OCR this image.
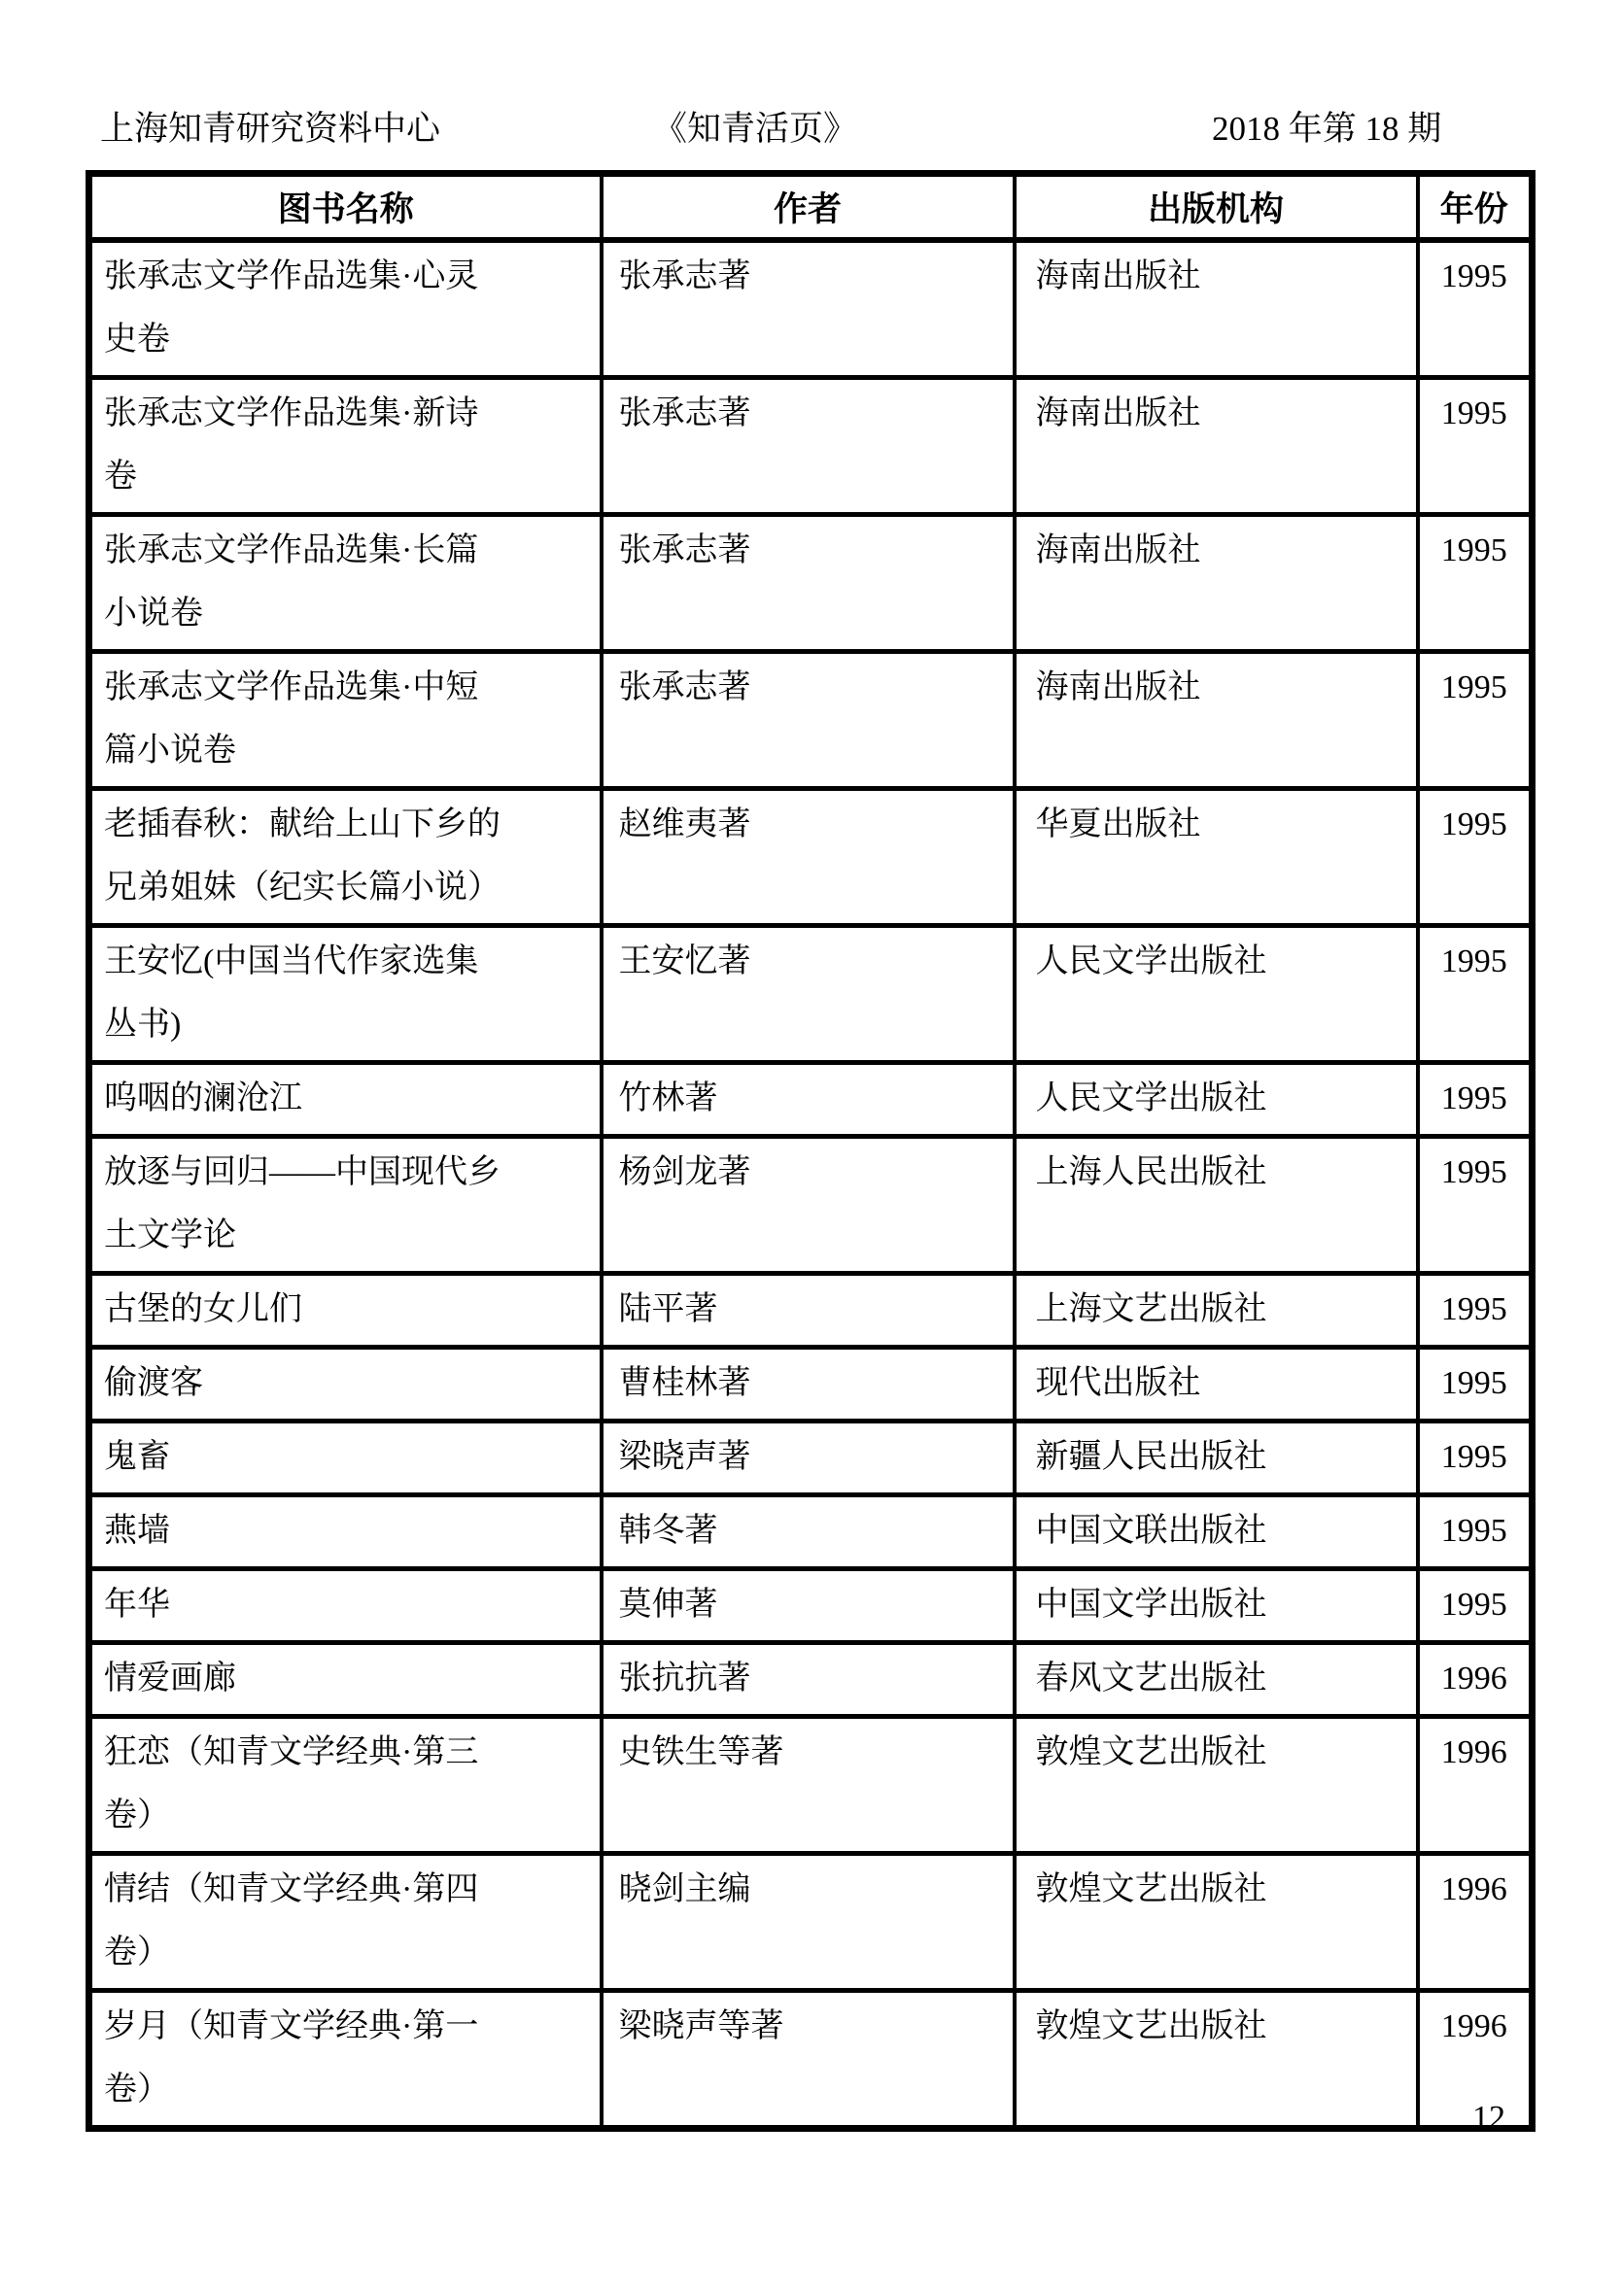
上海知青研究资料中心	《知青活页》	2018 年第 18 期
图书名称	作者	出版机构	年份

张承志文学作品选集·心灵史卷	张承志著	海南出版社	1995

张承志文学作品选集·新诗卷	张承志著	海南出版社	1995

张承志文学作品选集·长篇小说卷	张承志著	海南出版社	1995

张承志文学作品选集·中短篇小说卷	张承志著	海南出版社	1995

老插春秋：献给上山下乡的兄弟姐妹（纪实长篇小说）	赵维夷著	华夏出版社	1995

王安忆(中国当代作家选集丛书)	王安忆著	人民文学出版社	1995

呜咽的澜沧江	竹林著	人民文学出版社	1995

放逐与回归——中国现代乡土文学论	杨剑龙著	上海人民出版社	1995

古堡的女儿们	陆平著	上海文艺出版社	1995

偷渡客	曹桂林著	现代出版社	1995

鬼畜	梁晓声著	新疆人民出版社	1995

燕墙	韩冬著	中国文联出版社	1995

年华	莫伸著	中国文学出版社	1995

情爱画廊	张抗抗著	春风文艺出版社	1996

狂恋（知青文学经典·第三卷）	史铁生等著	敦煌文艺出版社	1996

情结（知青文学经典·第四卷）	晓剑主编	敦煌文艺出版社	1996

岁月（知青文学经典·第一卷）	梁晓声等著	敦煌文艺出版社	1996
12
